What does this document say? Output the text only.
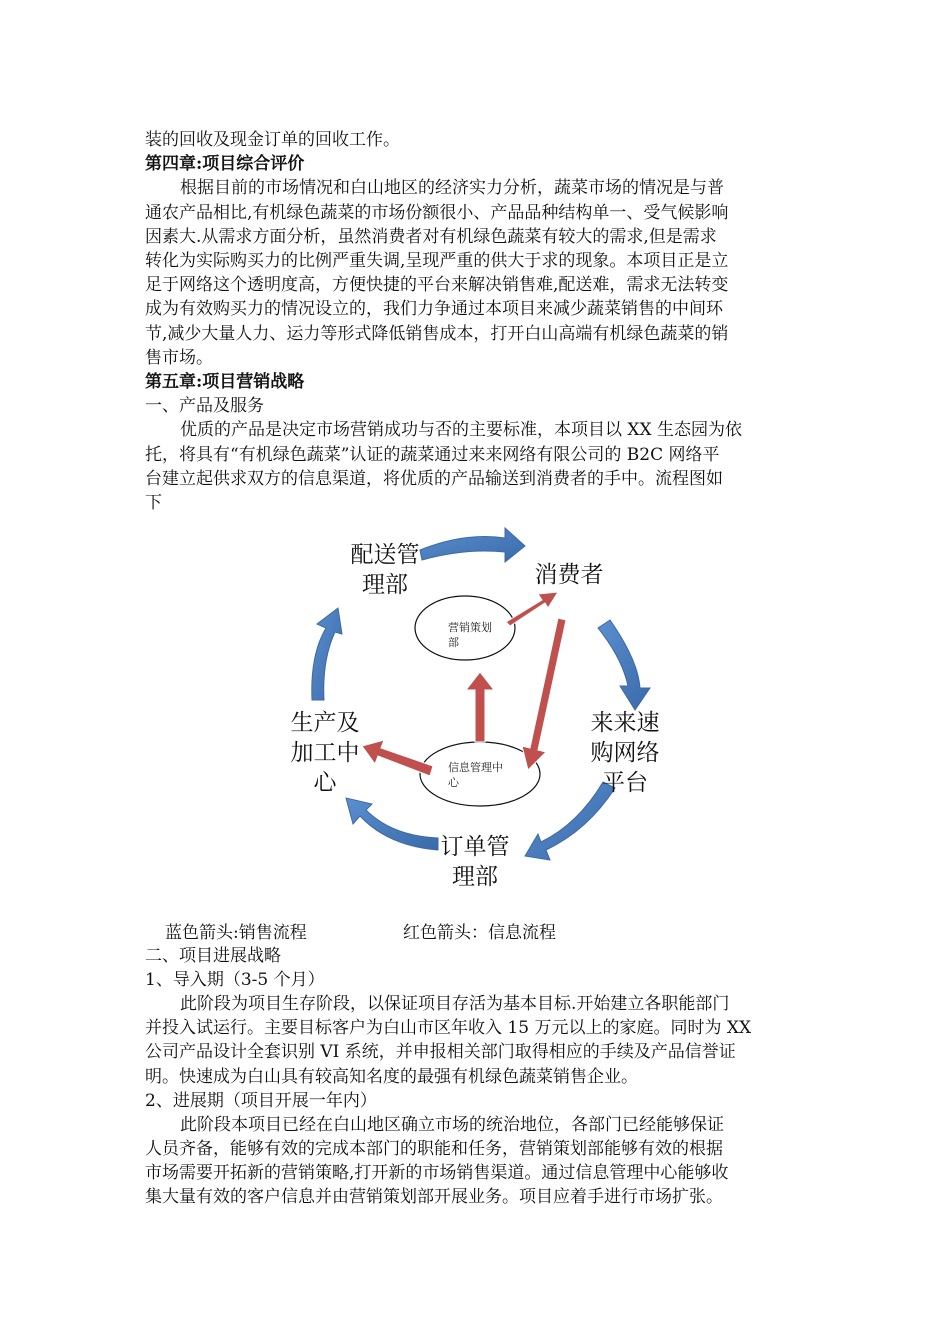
装的回收及现金订单的回收工作。
第四章:项目综合评价
根据目前的市场情况和白山地区的经济实力分析，蔬菜市场的情况是与普
通农产品相比,有机绿色蔬菜的市场份额很小、产品品种结构单一、受气候影响
因素大.从需求方面分析，虽然消费者对有机绿色蔬菜有较大的需求,但是需求
转化为实际购买力的比例严重失调,呈现严重的供大于求的现象。本项目正是立
足于网络这个透明度高，方便快捷的平台来解决销售难,配送难，需求无法转变
成为有效购买力的情况设立的，我们力争通过本项目来减少蔬菜销售的中间环
节,减少大量人力、运力等形式降低销售成本，打开白山高端有机绿色蔬菜的销
售市场。
第五章:项目营销战略
一、产品及服务
优质的产品是决定市场营销成功与否的主要标准，本项目以 XX 生态园为依
托，将具有“有机绿色蔬菜”认证的蔬菜通过来来网络有限公司的 B2C 网络平
台建立起供求双方的信息渠道，将优质的产品输送到消费者的手中。流程图如
下
配送管
理部	消费者
来来速
购网络
平台
订单管
理部
生产及
加工中
心
营销策划
部
信息管理中
心
蓝色箭头:销售流程	红色箭头：信息流程
二、项目进展战略
1、导入期（3-5 个月）
此阶段为项目生存阶段，以保证项目存活为基本目标.开始建立各职能部门
并投入试运行。主要目标客户为白山市区年收入 15 万元以上的家庭。同时为 XX
公司产品设计全套识别 VI 系统，并申报相关部门取得相应的手续及产品信誉证
明。快速成为白山具有较高知名度的最强有机绿色蔬菜销售企业。
2、进展期（项目开展一年内）
此阶段本项目已经在白山地区确立市场的统治地位，各部门已经能够保证
人员齐备，能够有效的完成本部门的职能和任务，营销策划部能够有效的根据
市场需要开拓新的营销策略,打开新的市场销售渠道。通过信息管理中心能够收
集大量有效的客户信息并由营销策划部开展业务。项目应着手进行市场扩张。
